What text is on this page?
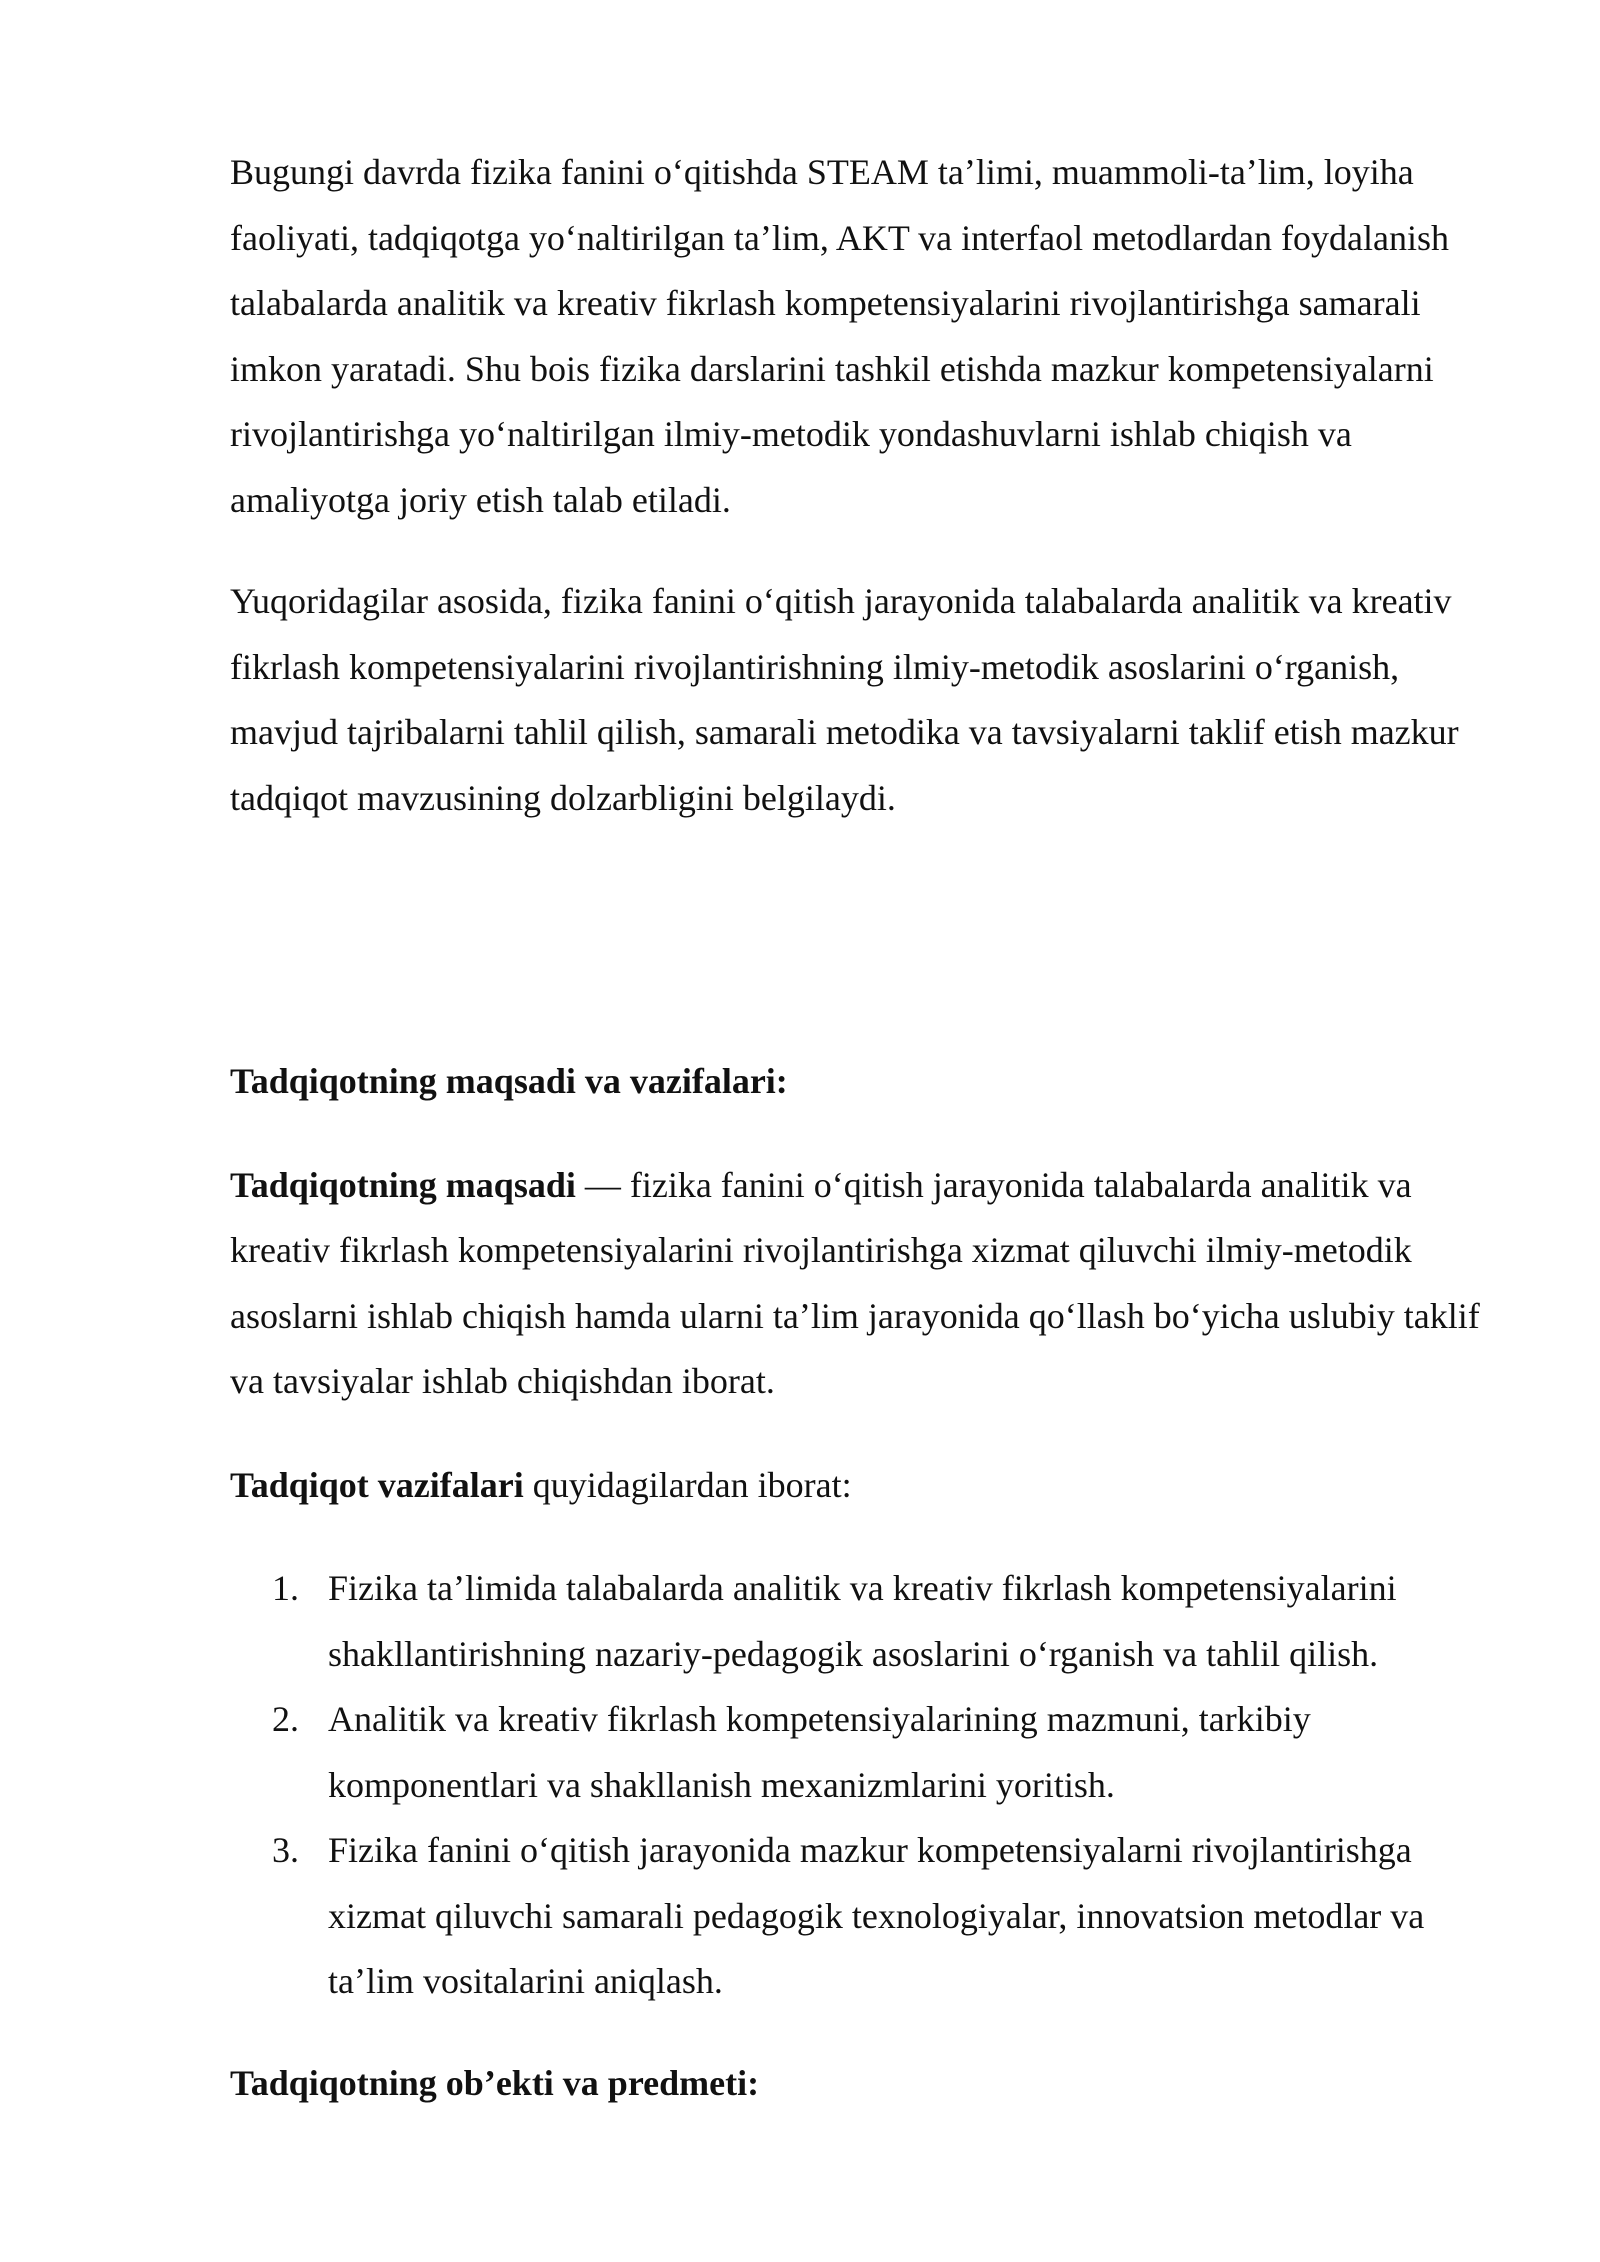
Bugungi davrda fizika fanini oʻqitishda STEAM taʼlimi, muammoli-taʼlim, loyiha faoliyati, tadqiqotga yoʻnaltirilgan taʼlim, AKT va interfaol metodlardan foydalanish talabalarda analitik va kreativ fikrlash kompetensiyalarini rivojlantirishga samarali imkon yaratadi. Shu bois fizika darslarini tashkil etishda mazkur kompetensiyalarni rivojlantirishga yoʻnaltirilgan ilmiy-metodik yondashuvlarni ishlab chiqish va amaliyotga joriy etish talab etiladi.

Yuqoridagilar asosida, fizika fanini oʻqitish jarayonida talabalarda analitik va kreativ fikrlash kompetensiyalarini rivojlantirishning ilmiy-metodik asoslarini oʻrganish, mavjud tajribalarni tahlil qilish, samarali metodika va tavsiyalarni taklif etish mazkur tadqiqot mavzusining dolzarbligini belgilaydi.

Tadqiqotning maqsadi va vazifalari:

Tadqiqotning maqsadi — fizika fanini oʻqitish jarayonida talabalarda analitik va kreativ fikrlash kompetensiyalarini rivojlantirishga xizmat qiluvchi ilmiy-metodik asoslarni ishlab chiqish hamda ularni taʼlim jarayonida qoʻllash boʻyicha uslubiy taklif va tavsiyalar ishlab chiqishdan iborat.

Tadqiqot vazifalari quyidagilardan iborat:

1. Fizika taʼlimida talabalarda analitik va kreativ fikrlash kompetensiyalarini shakllantirishning nazariy-pedagogik asoslarini oʻrganish va tahlil qilish.
2. Analitik va kreativ fikrlash kompetensiyalarining mazmuni, tarkibiy komponentlari va shakllanish mexanizmlarini yoritish.
3. Fizika fanini oʻqitish jarayonida mazkur kompetensiyalarni rivojlantirishga xizmat qiluvchi samarali pedagogik texnologiyalar, innovatsion metodlar va taʼlim vositalarini aniqlash.

Tadqiqotning obʼekti va predmeti:
